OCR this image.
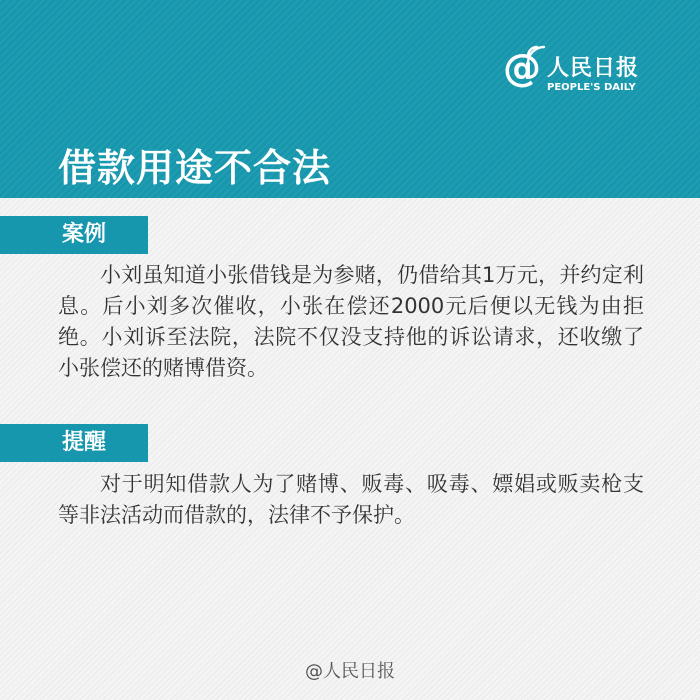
@ 人民日报
PEOPLE'S DAILY
借款用途不合法
案例

小刘虽知道小张借钱是为参赌，仍借给其1万元，并约定利息。后小刘多次催收，小张在偿还2000元后便以无钱为由拒绝。小刘诉至法院，法院不仅没支持他的诉讼请求，还收缴了小张偿还的赌博借资。

提醒

对于明知借款人为了赌博、贩毒、吸毒、嫖娼或贩卖枪支等非法活动而借款的，法律不予保护。

@人民日报
